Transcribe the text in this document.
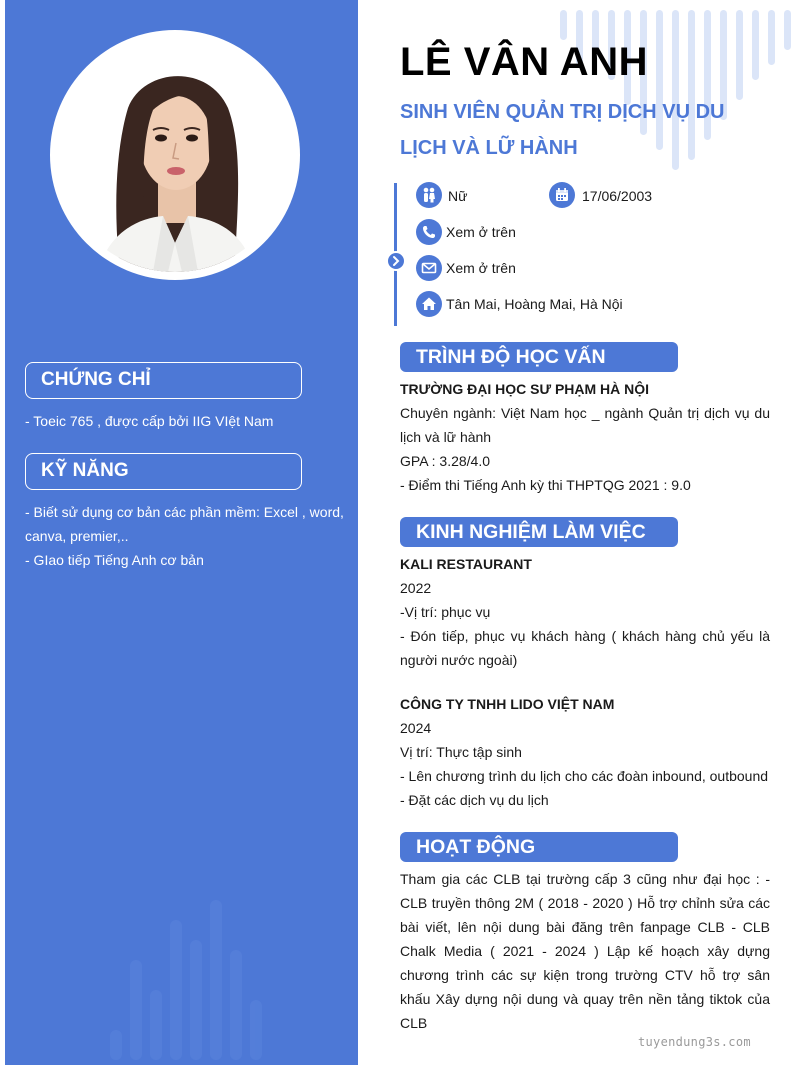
CHỨNG CHỈ
- Toeic 765 , được cấp bởi IIG VIệt Nam
KỸ NĂNG
- Biết sử dụng cơ bản các phần mềm: Excel , word, canva, premier,..
- GIao tiếp Tiếng Anh cơ bản
LÊ VÂN ANH
SINH VIÊN QUẢN TRỊ DỊCH VỤ DU
LỊCH VÀ LỮ HÀNH
Nữ	17/06/2003
Xem ở trên
Xem ở trên
Tân Mai, Hoàng Mai, Hà Nội
TRÌNH ĐỘ HỌC VẤN
TRƯỜNG ĐẠI HỌC SƯ PHẠM HÀ NỘI
Chuyên ngành: Việt Nam học _ ngành Quản trị dịch vụ du lịch và lữ hành
GPA : 3.28/4.0
- Điểm thi Tiếng Anh kỳ thi THPTQG 2021 : 9.0
KINH NGHIỆM LÀM VIỆC
KALI RESTAURANT
2022
-Vị trí: phục vụ
- Đón tiếp, phục vụ khách hàng ( khách hàng chủ yếu là người nước ngoài)
CÔNG TY TNHH LIDO VIỆT NAM
2024
Vị trí: Thực tập sinh
- Lên chương trình du lịch cho các đoàn inbound, outbound
- Đặt các dịch vụ du lịch
HOẠT ĐỘNG
Tham gia các CLB tại trường cấp 3 cũng như đại học : - CLB truyền thông 2M ( 2018 - 2020 ) Hỗ trợ chỉnh sửa các bài viết, lên nội dung bài đăng trên fanpage CLB - CLB Chalk Media ( 2021 - 2024 ) Lập kế hoạch xây dựng chương trình các sự kiện trong trường CTV hỗ trợ sân khấu Xây dựng nội dung và quay trên nền tảng tiktok của CLB
tuyendung3s.com
